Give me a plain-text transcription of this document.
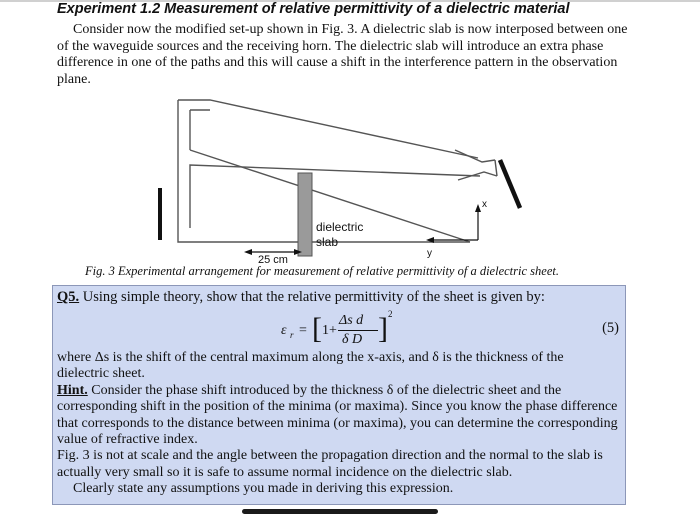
Experiment 1.2 Measurement of relative permittivity of a dielectric material

Consider now the modified set-up shown in Fig. 3. A dielectric slab is now interposed between one of the waveguide sources and the receiving horn. The dielectric slab will introduce an extra phase difference in one of the paths and this will cause a shift in the interference pattern in the observation plane.

dielectric
slab
25 cm
x
y
Fig. 3 Experimental arrangement for measurement of relative permittivity of a dielectric sheet.
Q5. Using simple theory, show that the relative permittivity of the sheet is given by:
ε r = [ 1+
Δs d
δ D ] 2
(5)

where Δs is the shift of the central maximum along the x-axis, and δ is the thickness of the dielectric sheet.

Hint. Consider the phase shift introduced by the thickness δ of the dielectric sheet and the corresponding shift in the position of the minima (or maxima). Since you know the phase difference that corresponds to the distance between minima (or maxima), you can determine the corresponding value of refractive index.

Fig. 3 is not at scale and the angle between the propagation direction and the normal to the slab is actually very small so it is safe to assume normal incidence on the dielectric slab.

Clearly state any assumptions you made in deriving this expression.
